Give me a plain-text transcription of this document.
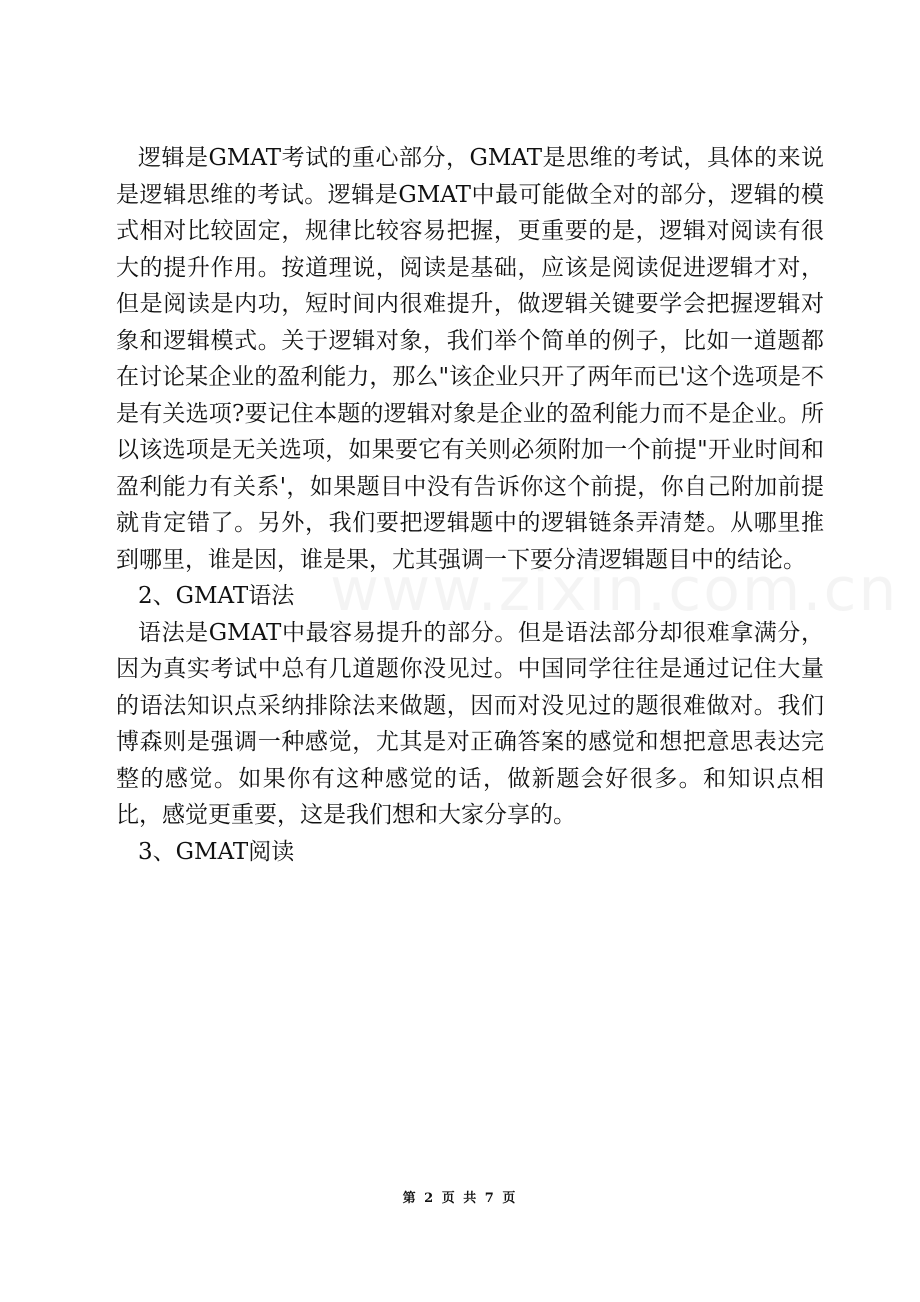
逻辑是GMAT考试的重心部分，GMAT是思维的考试，具体的来说是逻辑思维的考试。逻辑是GMAT中最可能做全对的部分，逻辑的模式相对比较固定，规律比较容易把握，更重要的是，逻辑对阅读有很大的提升作用。按道理说，阅读是基础，应该是阅读促进逻辑才对，但是阅读是内功，短时间内很难提升，做逻辑关键要学会把握逻辑对象和逻辑模式。关于逻辑对象，我们举个简单的例子，比如一道题都在讨论某企业的盈利能力，那么"该企业只开了两年而已'这个选项是不是有关选项?要记住本题的逻辑对象是企业的盈利能力而不是企业。所以该选项是无关选项，如果要它有关则必须附加一个前提"开业时间和盈利能力有关系'，如果题目中没有告诉你这个前提，你自己附加前提就肯定错了。另外，我们要把逻辑题中的逻辑链条弄清楚。从哪里推到哪里，谁是因，谁是果，尤其强调一下要分清逻辑题目中的结论。

2、GMAT语法

语法是GMAT中最容易提升的部分。但是语法部分却很难拿满分，因为真实考试中总有几道题你没见过。中国同学往往是通过记住大量的语法知识点采纳排除法来做题，因而对没见过的题很难做对。我们博森则是强调一种感觉，尤其是对正确答案的感觉和想把意思表达完整的感觉。如果你有这种感觉的话，做新题会好很多。和知识点相比，感觉更重要，这是我们想和大家分享的。

3、GMAT阅读

第 2 页 共 7 页
